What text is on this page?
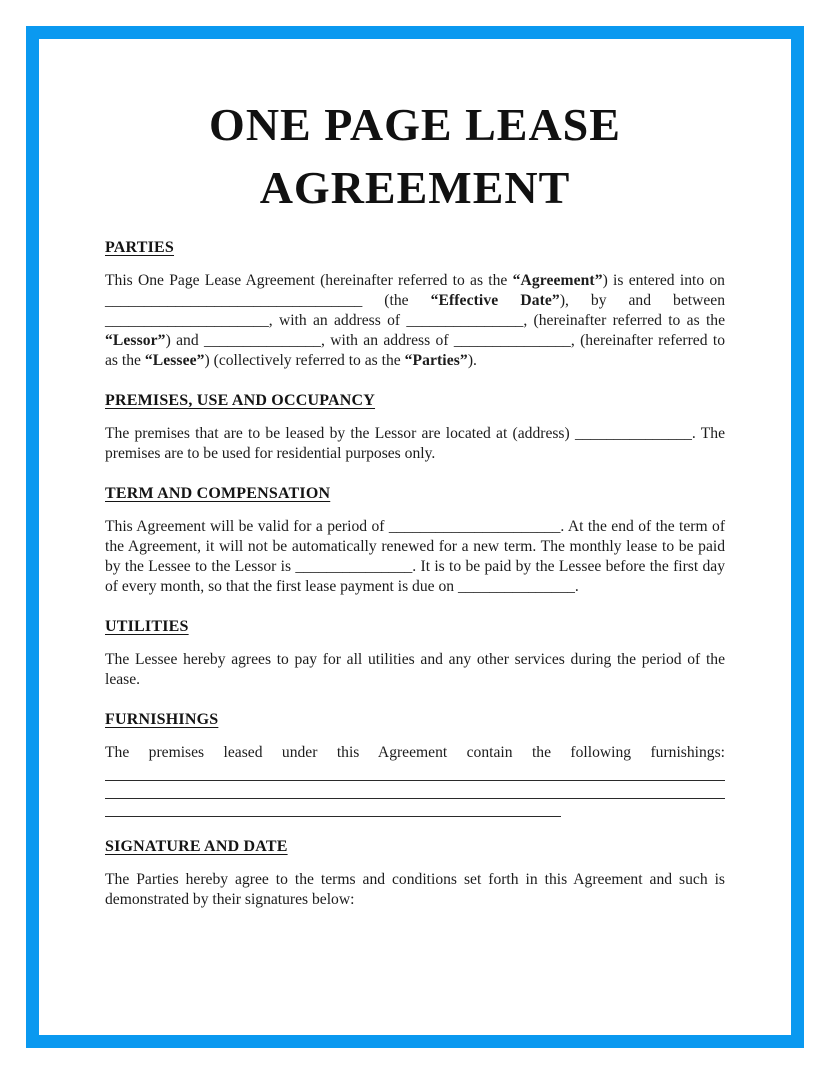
ONE PAGE LEASE
AGREEMENT
PARTIES

This One Page Lease Agreement (hereinafter referred to as the “Agreement”) is entered into on _________________________________ (the “Effective Date”), by and between _____________________, with an address of _______________, (hereinafter referred to as the “Lessor”) and _______________, with an address of _______________, (hereinafter referred to as the “Lessee”) (collectively referred to as the “Parties”).

PREMISES, USE AND OCCUPANCY

The premises that are to be leased by the Lessor are located at (address) _______________. The premises are to be used for residential purposes only.

TERM AND COMPENSATION

This Agreement will be valid for a period of ______________________. At the end of the term of the Agreement, it will not be automatically renewed for a new term. The monthly lease to be paid by the Lessee to the Lessor is _______________. It is to be paid by the Lessee before the first day of every month, so that the first lease payment is due on _______________.

UTILITIES

The Lessee hereby agrees to pay for all utilities and any other services during the period of the lease.

FURNISHINGS

The premises leased under this Agreement contain the following furnishings:

SIGNATURE AND DATE

The Parties hereby agree to the terms and conditions set forth in this Agreement and such is demonstrated by their signatures below:
